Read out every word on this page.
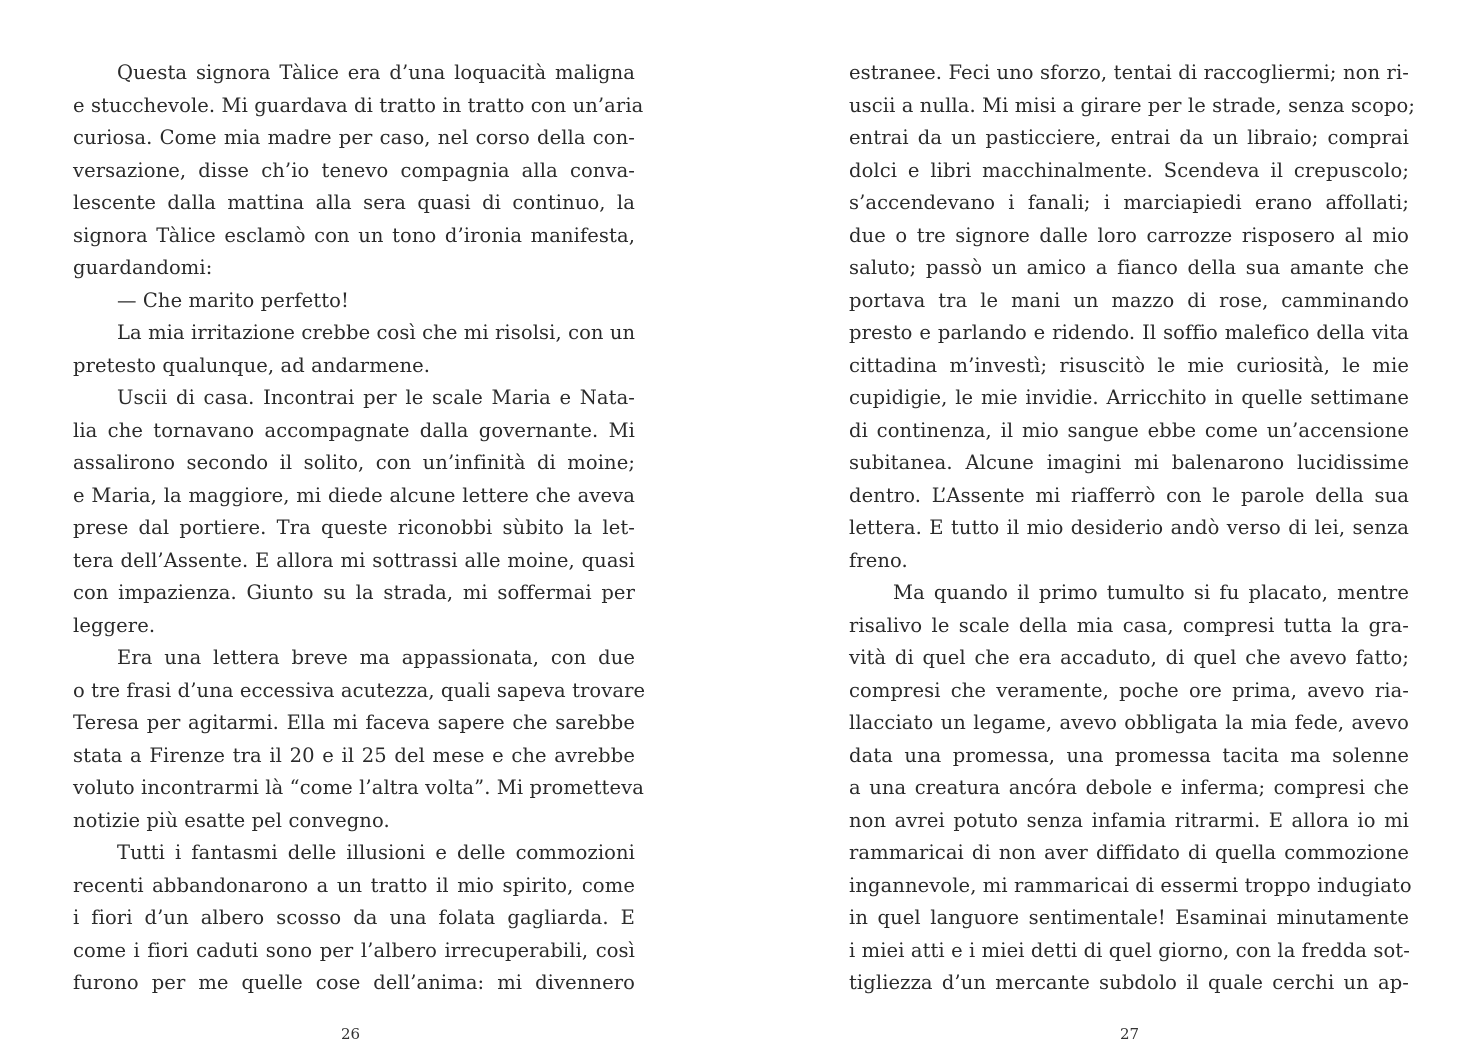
Questa signora Tàlice era d’una loquacità maligna
e stucchevole. Mi guardava di tratto in tratto con un’aria
curiosa. Come mia madre per caso, nel corso della con-
versazione, disse ch’io tenevo compagnia alla conva-
lescente dalla mattina alla sera quasi di continuo, la
signora Tàlice esclamò con un tono d’ironia manifesta,
guardandomi:
— Che marito perfetto!
La mia irritazione crebbe così che mi risolsi, con un
pretesto qualunque, ad andarmene.
Uscii di casa. Incontrai per le scale Maria e Nata-
lia che tornavano accompagnate dalla governante. Mi
assalirono secondo il solito, con un’infinità di moine;
e Maria, la maggiore, mi diede alcune lettere che aveva
prese dal portiere. Tra queste riconobbi sùbito la let-
tera dell’Assente. E allora mi sottrassi alle moine, quasi
con impazienza. Giunto su la strada, mi soffermai per
leggere.
Era una lettera breve ma appassionata, con due
o tre frasi d’una eccessiva acutezza, quali sapeva trovare
Teresa per agitarmi. Ella mi faceva sapere che sarebbe
stata a Firenze tra il 20 e il 25 del mese e che avrebbe
voluto incontrarmi là “come l’altra volta”. Mi prometteva
notizie più esatte pel convegno.
Tutti i fantasmi delle illusioni e delle commozioni
recenti abbandonarono a un tratto il mio spirito, come
i fiori d’un albero scosso da una folata gagliarda. E
come i fiori caduti sono per l’albero irrecuperabili, così
furono per me quelle cose dell’anima: mi divennero
26
estranee. Feci uno sforzo, tentai di raccogliermi; non ri-
uscii a nulla. Mi misi a girare per le strade, senza scopo;
entrai da un pasticciere, entrai da un libraio; comprai
dolci e libri macchinalmente. Scendeva il crepuscolo;
s’accendevano i fanali; i marciapiedi erano affollati;
due o tre signore dalle loro carrozze risposero al mio
saluto; passò un amico a fianco della sua amante che
portava tra le mani un mazzo di rose, camminando
presto e parlando e ridendo. Il soffio malefico della vita
cittadina m’investì; risuscitò le mie curiosità, le mie
cupidigie, le mie invidie. Arricchito in quelle settimane
di continenza, il mio sangue ebbe come un’accensione
subitanea. Alcune imagini mi balenarono lucidissime
dentro. L’Assente mi riafferrò con le parole della sua
lettera. E tutto il mio desiderio andò verso di lei, senza
freno.
Ma quando il primo tumulto si fu placato, mentre
risalivo le scale della mia casa, compresi tutta la gra-
vità di quel che era accaduto, di quel che avevo fatto;
compresi che veramente, poche ore prima, avevo ria-
llacciato un legame, avevo obbligata la mia fede, avevo
data una promessa, una promessa tacita ma solenne
a una creatura ancóra debole e inferma; compresi che
non avrei potuto senza infamia ritrarmi. E allora io mi
rammaricai di non aver diffidato di quella commozione
ingannevole, mi rammaricai di essermi troppo indugiato
in quel languore sentimentale! Esaminai minutamente
i miei atti e i miei detti di quel giorno, con la fredda sot-
tigliezza d’un mercante subdolo il quale cerchi un ap-
27
